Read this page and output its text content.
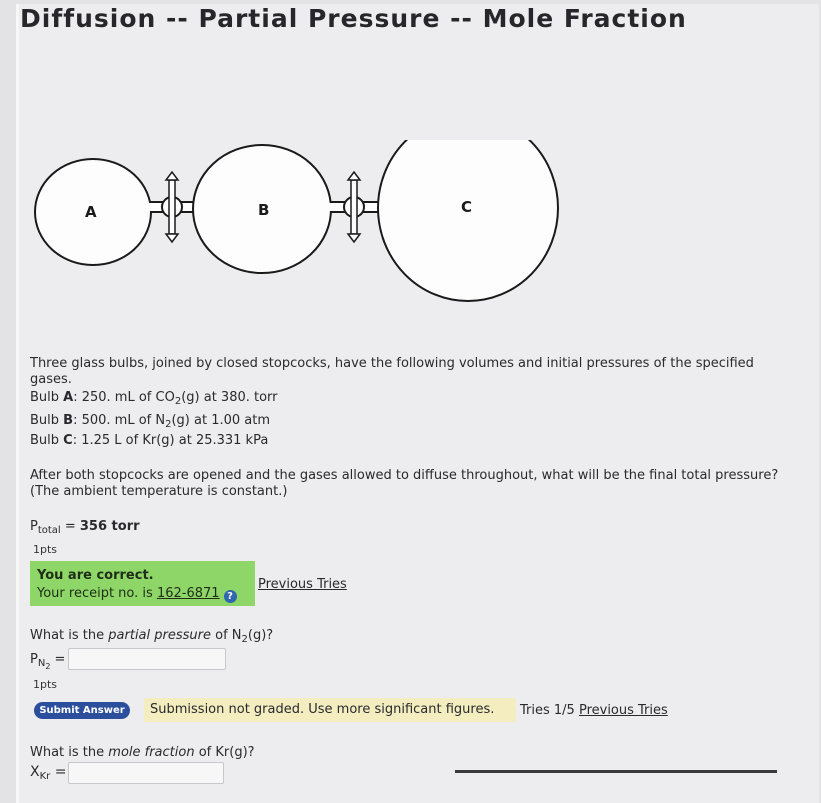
Diffusion -- Partial Pressure -- Mole Fraction
A	B	C
Three glass bulbs, joined by closed stopcocks, have the following volumes and initial pressures of the specified gases.
Bulb A: 250. mL of $CO_2(g)$ at 380. torr
Bulb B: 500. mL of $N_2(g)$ at 1.00 atm
Bulb C: 1.25 L of Kr(g) at 25.331 kPa
After both stopcocks are opened and the gases allowed to diffuse throughout, what will be the final total pressure? (The ambient temperature is constant.)
$P_{total} = 356$ torr
1pts
You are correct.
Your receipt no. is 162-6871 ?
Previous Tries
What is the partial pressure of $N_2(g)$?
$P_{N_2}$ =
1pts
Submit Answer	Submission not graded. Use more significant figures.	Tries 1/5 Previous Tries
What is the mole fraction of Kr(g)?
$X_{Kr}$ =
